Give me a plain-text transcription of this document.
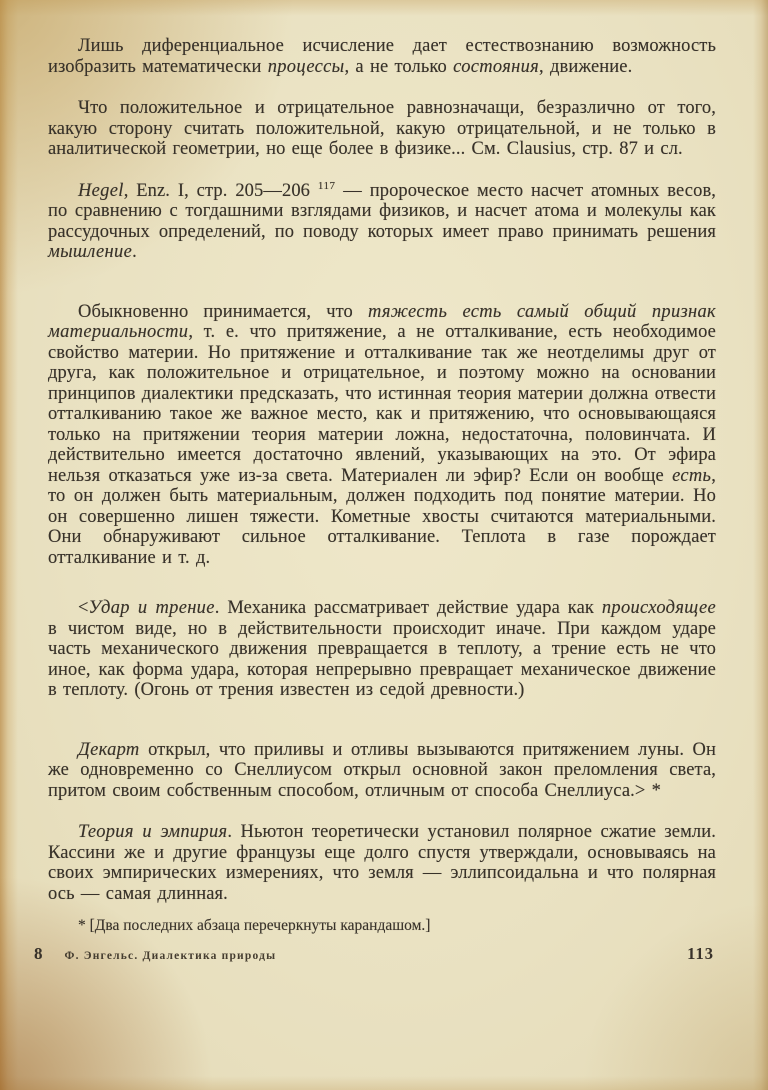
Лишь диференциальное исчисление дает естествознанию возможность изобразить математически процессы, а не только состояния, движение.

Что положительное и отрицательное равнозначащи, безразлично от того, какую сторону считать положительной, какую отрицательной, и не только в аналитической геометрии, но еще более в физике... См. Clausius, стр. 87 и сл.

Hegel, Enz. I, стр. 205—206 $^{117}$ — пророческое место насчет атомных весов, по сравнению с тогдашними взглядами физиков, и насчет атома и молекулы как рассудочных определений, по поводу которых имеет право принимать решения мышление.

Обыкновенно принимается, что тяжесть есть самый общий признак материальности, т. е. что притяжение, а не отталкивание, есть необходимое свойство материи. Но притяжение и отталкивание так же неотделимы друг от друга, как положительное и отрицательное, и поэтому можно на основании принципов диалектики предсказать, что истинная теория материи должна отвести отталкиванию такое же важное место, как и притяжению, что основывающаяся только на притяжении теория материи ложна, недостаточна, половинчата. И действительно имеется достаточно явлений, указывающих на это. От эфира нельзя отказаться уже из-за света. Материален ли эфир? Если он вообще есть, то он должен быть материальным, должен подходить под понятие материи. Но он совершенно лишен тяжести. Кометные хвосты считаются материальными. Они обнаруживают сильное отталкивание. Теплота в газе порождает отталкивание и т. д.

<Удар и трение. Механика рассматривает действие удара как происходящее в чистом виде, но в действительности происходит иначе. При каждом ударе часть механического движения превращается в теплоту, а трение есть не что иное, как форма удара, которая непрерывно превращает механическое движение в теплоту. (Огонь от трения известен из седой древности.)

Декарт открыл, что приливы и отливы вызываются притяжением луны. Он же одновременно со Снеллиусом открыл основной закон преломления света, притом своим собственным способом, отличным от способа Снеллиуса.> *

Теория и эмпирия. Ньютон теоретически установил полярное сжатие земли. Кассини же и другие французы еще долго спустя утверждали, основываясь на своих эмпирических измерениях, что земля — эллипсоидальна и что полярная ось — самая длинная.

* [Два последних абзаца перечеркнуты карандашом.]
8 Ф. Энгельс. Диалектика природы	113
